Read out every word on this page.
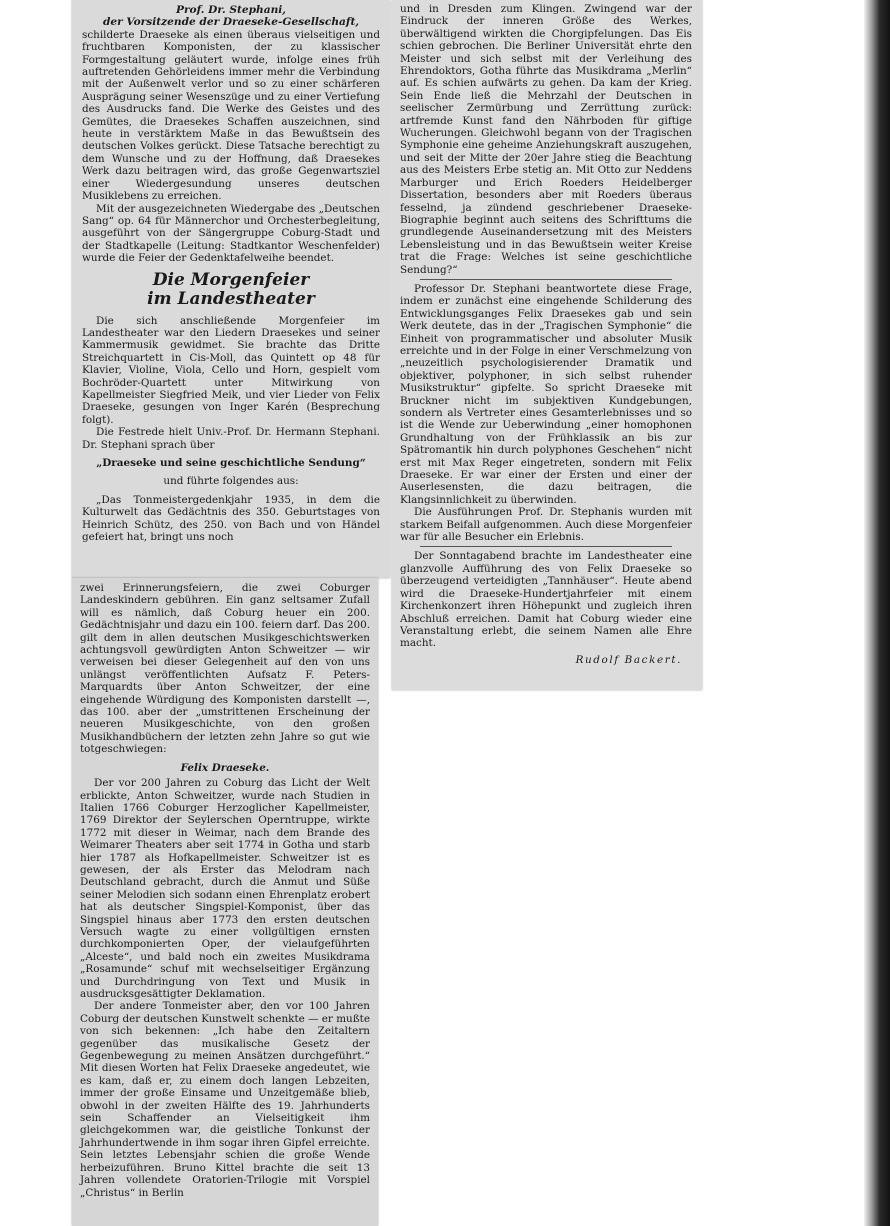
Prof. Dr. Stephani,

der Vorsitzende der Draeseke-Gesellschaft,

schilderte Draeseke als einen überaus vielseitigen und fruchtbaren Komponisten, der zu klassischer Formgestaltung geläutert wurde, infolge eines früh auftretenden Gehörleidens immer mehr die Verbindung mit der Außenwelt verlor und so zu einer schärferen Ausprägung seiner Wesenszüge und zu einer Vertiefung des Ausdrucks fand. Die Werke des Geistes und des Gemütes, die Draesekes Schaffen auszeichnen, sind heute in verstärktem Maße in das Bewußtsein des deutschen Volkes gerückt. Diese Tatsache berechtigt zu dem Wunsche und zu der Hoffnung, daß Draesekes Werk dazu beitragen wird, das große Gegenwartsziel einer Wiedergesundung unseres deutschen Musiklebens zu erreichen.

Mit der ausgezeichneten Wiedergabe des „Deutschen Sang“ op. 64 für Männerchor und Orchesterbegleitung, ausgeführt von der Sängergruppe Coburg-Stadt und der Stadtkapelle (Leitung: Stadtkantor Weschenfelder) wurde die Feier der Gedenktafelweihe beendet.

Die Morgenfeier
im Landestheater

Die sich anschließende Morgenfeier im Landestheater war den Liedern Draesekes und seiner Kammermusik gewidmet. Sie brachte das Dritte Streichquartett in Cis-Moll, das Quintett op 48 für Klavier, Violine, Viola, Cello und Horn, gespielt vom Bochröder-Quartett unter Mitwirkung von Kapellmeister Siegfried Meik, und vier Lieder von Felix Draeseke, gesungen von Inger Karén (Besprechung folgt).

Die Festrede hielt Univ.-Prof. Dr. Hermann Stephani. Dr. Stephani sprach über

„Draeseke und seine geschichtliche Sendung“

und führte folgendes aus:

„Das Tonmeistergedenkjahr 1935, in dem die Kulturwelt das Gedächtnis des 350. Geburtstages von Heinrich Schütz, des 250. von Bach und von Händel gefeiert hat, bringt uns noch

zwei Erinnerungsfeiern, die zwei Coburger Landeskindern gebühren. Ein ganz seltsamer Zufall will es nämlich, daß Coburg heuer ein 200. Gedächtnisjahr und dazu ein 100. feiern darf. Das 200. gilt dem in allen deutschen Musikgeschichtswerken achtungsvoll gewürdigten Anton Schweitzer — wir verweisen bei dieser Gelegenheit auf den von uns unlängst veröffentlichten Aufsatz F. Peters-Marquardts über Anton Schweitzer, der eine eingehende Würdigung des Komponisten darstellt —, das 100. aber der „umstrittenen Erscheinung der neueren Musikgeschichte, von den großen Musikhandbüchern der letzten zehn Jahre so gut wie totgeschwiegen:

Felix Draeseke.

Der vor 200 Jahren zu Coburg das Licht der Welt erblickte, Anton Schweitzer, wurde nach Studien in Italien 1766 Coburger Herzoglicher Kapellmeister, 1769 Direktor der Seylerschen Operntruppe, wirkte 1772 mit dieser in Weimar, nach dem Brande des Weimarer Theaters aber seit 1774 in Gotha und starb hier 1787 als Hofkapellmeister. Schweitzer ist es gewesen, der als Erster das Melodram nach Deutschland gebracht, durch die Anmut und Süße seiner Melodien sich sodann einen Ehrenplatz erobert hat als deutscher Singspiel-Komponist, über das Singspiel hinaus aber 1773 den ersten deutschen Versuch wagte zu einer vollgültigen ernsten durchkomponierten Oper, der vielaufgeführten „Alceste“, und bald noch ein zweites Musikdrama „Rosamunde“ schuf mit wechselseitiger Ergänzung und Durchdringung von Text und Musik in ausdrucksgesättigter Deklamation.

Der andere Tonmeister aber, den vor 100 Jahren Coburg der deutschen Kunstwelt schenkte — er mußte von sich bekennen: „Ich habe den Zeitaltern gegenüber das musikalische Gesetz der Gegenbewegung zu meinen Ansätzen durchgeführt.“ Mit diesen Worten hat Felix Draeseke angedeutet, wie es kam, daß er, zu einem doch langen Lebzeiten, immer der große Einsame und Unzeitgemäße blieb, obwohl in der zweiten Hälfte des 19. Jahrhunderts sein Schaffender an Vielseitigkeit ihm gleichgekommen war, die geistliche Tonkunst der Jahrhundertwende in ihm sogar ihren Gipfel erreichte. Sein letztes Lebensjahr schien die große Wende herbeizuführen. Bruno Kittel brachte die seit 13 Jahren vollendete Oratorien-Trilogie mit Vorspiel „Christus“ in Berlin

und in Dresden zum Klingen. Zwingend war der Eindruck der inneren Größe des Werkes, überwältigend wirkten die Chorgipfelungen. Das Eis schien gebrochen. Die Berliner Universität ehrte den Meister und sich selbst mit der Verleihung des Ehrendoktors, Gotha führte das Musikdrama „Merlin“ auf. Es schien aufwärts zu gehen. Da kam der Krieg. Sein Ende ließ die Mehrzahl der Deutschen in seelischer Zermürbung und Zerrüttung zurück: artfremde Kunst fand den Nährboden für giftige Wucherungen. Gleichwohl begann von der Tragischen Symphonie eine geheime Anziehungskraft auszugehen, und seit der Mitte der 20er Jahre stieg die Beachtung aus des Meisters Erbe stetig an. Mit Otto zur Neddens Marburger und Erich Roeders Heidelberger Dissertation, besonders aber mit Roeders überaus fesselnd, ja zündend geschriebener Draeseke-Biographie beginnt auch seitens des Schrifttums die grundlegende Auseinandersetzung mit des Meisters Lebensleistung und in das Bewußtsein weiter Kreise trat die Frage: Welches ist seine geschichtliche Sendung?“

Professor Dr. Stephani beantwortete diese Frage, indem er zunächst eine eingehende Schilderung des Entwicklungsganges Felix Draesekes gab und sein Werk deutete, das in der „Tragischen Symphonie“ die Einheit von programmatischer und absoluter Musik erreichte und in der Folge in einer Verschmelzung von „neuzeitlich psychologisierender Dramatik und objektiver, polyphoner, in sich selbst ruhender Musikstruktur“ gipfelte. So spricht Draeseke mit Bruckner nicht im subjektiven Kundgebungen, sondern als Vertreter eines Gesamterlebnisses und so ist die Wende zur Ueberwindung „einer homophonen Grundhaltung von der Frühklassik an bis zur Spätromantik hin durch polyphones Geschehen“ nicht erst mit Max Reger eingetreten, sondern mit Felix Draeseke. Er war einer der Ersten und einer der Auserlesensten, die dazu beitragen, die Klangsinnlichkeit zu überwinden.

Die Ausführungen Prof. Dr. Stephanis wurden mit starkem Beifall aufgenommen. Auch diese Morgenfeier war für alle Besucher ein Erlebnis.

Der Sonntagabend brachte im Landestheater eine glanzvolle Aufführung des von Felix Draeseke so überzeugend verteidigten „Tannhäuser“. Heute abend wird die Draeseke-Hundertjahrfeier mit einem Kirchenkonzert ihren Höhepunkt und zugleich ihren Abschluß erreichen. Damit hat Coburg wieder eine Veranstaltung erlebt, die seinem Namen alle Ehre macht.

Rudolf Backert.
